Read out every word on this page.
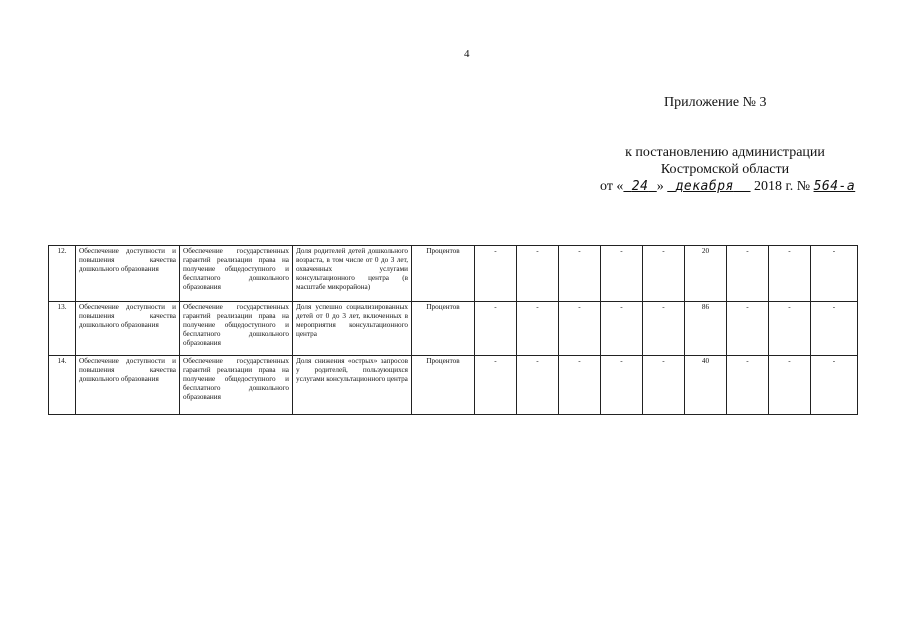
4
Приложение № 3
к постановлению администрации
Костромской области
от « 24 » декабря 2018 г. № 564-а
12.	Обеспечение доступности и повышения качества дошкольного образования	Обеспечение государственных гарантий реализации права на получение общедоступного и бесплатного дошкольного образования	Доля родителей детей дошкольного возраста, в том числе от 0 до 3 лет, охваченных услугами консультационного центра (в масштабе микрорайона)	Процентов	-	-	-	-	-	20	-	-	-
13.	Обеспечение доступности и повышения качества дошкольного образования	Обеспечение государственных гарантий реализации права на получение общедоступного и бесплатного дошкольного образования	Доля успешно социализированных детей от 0 до 3 лет, включенных в мероприятия консультационного центра	Процентов	-	-	-	-	-	86	-	-	-
14.	Обеспечение доступности и повышения качества дошкольного образования	Обеспечение государственных гарантий реализации права на получение общедоступного и бесплатного дошкольного образования	Доля снижения «острых» запросов у родителей, пользующихся услугами консультационного центра	Процентов	-	-	-	-	-	40	-	-	-
